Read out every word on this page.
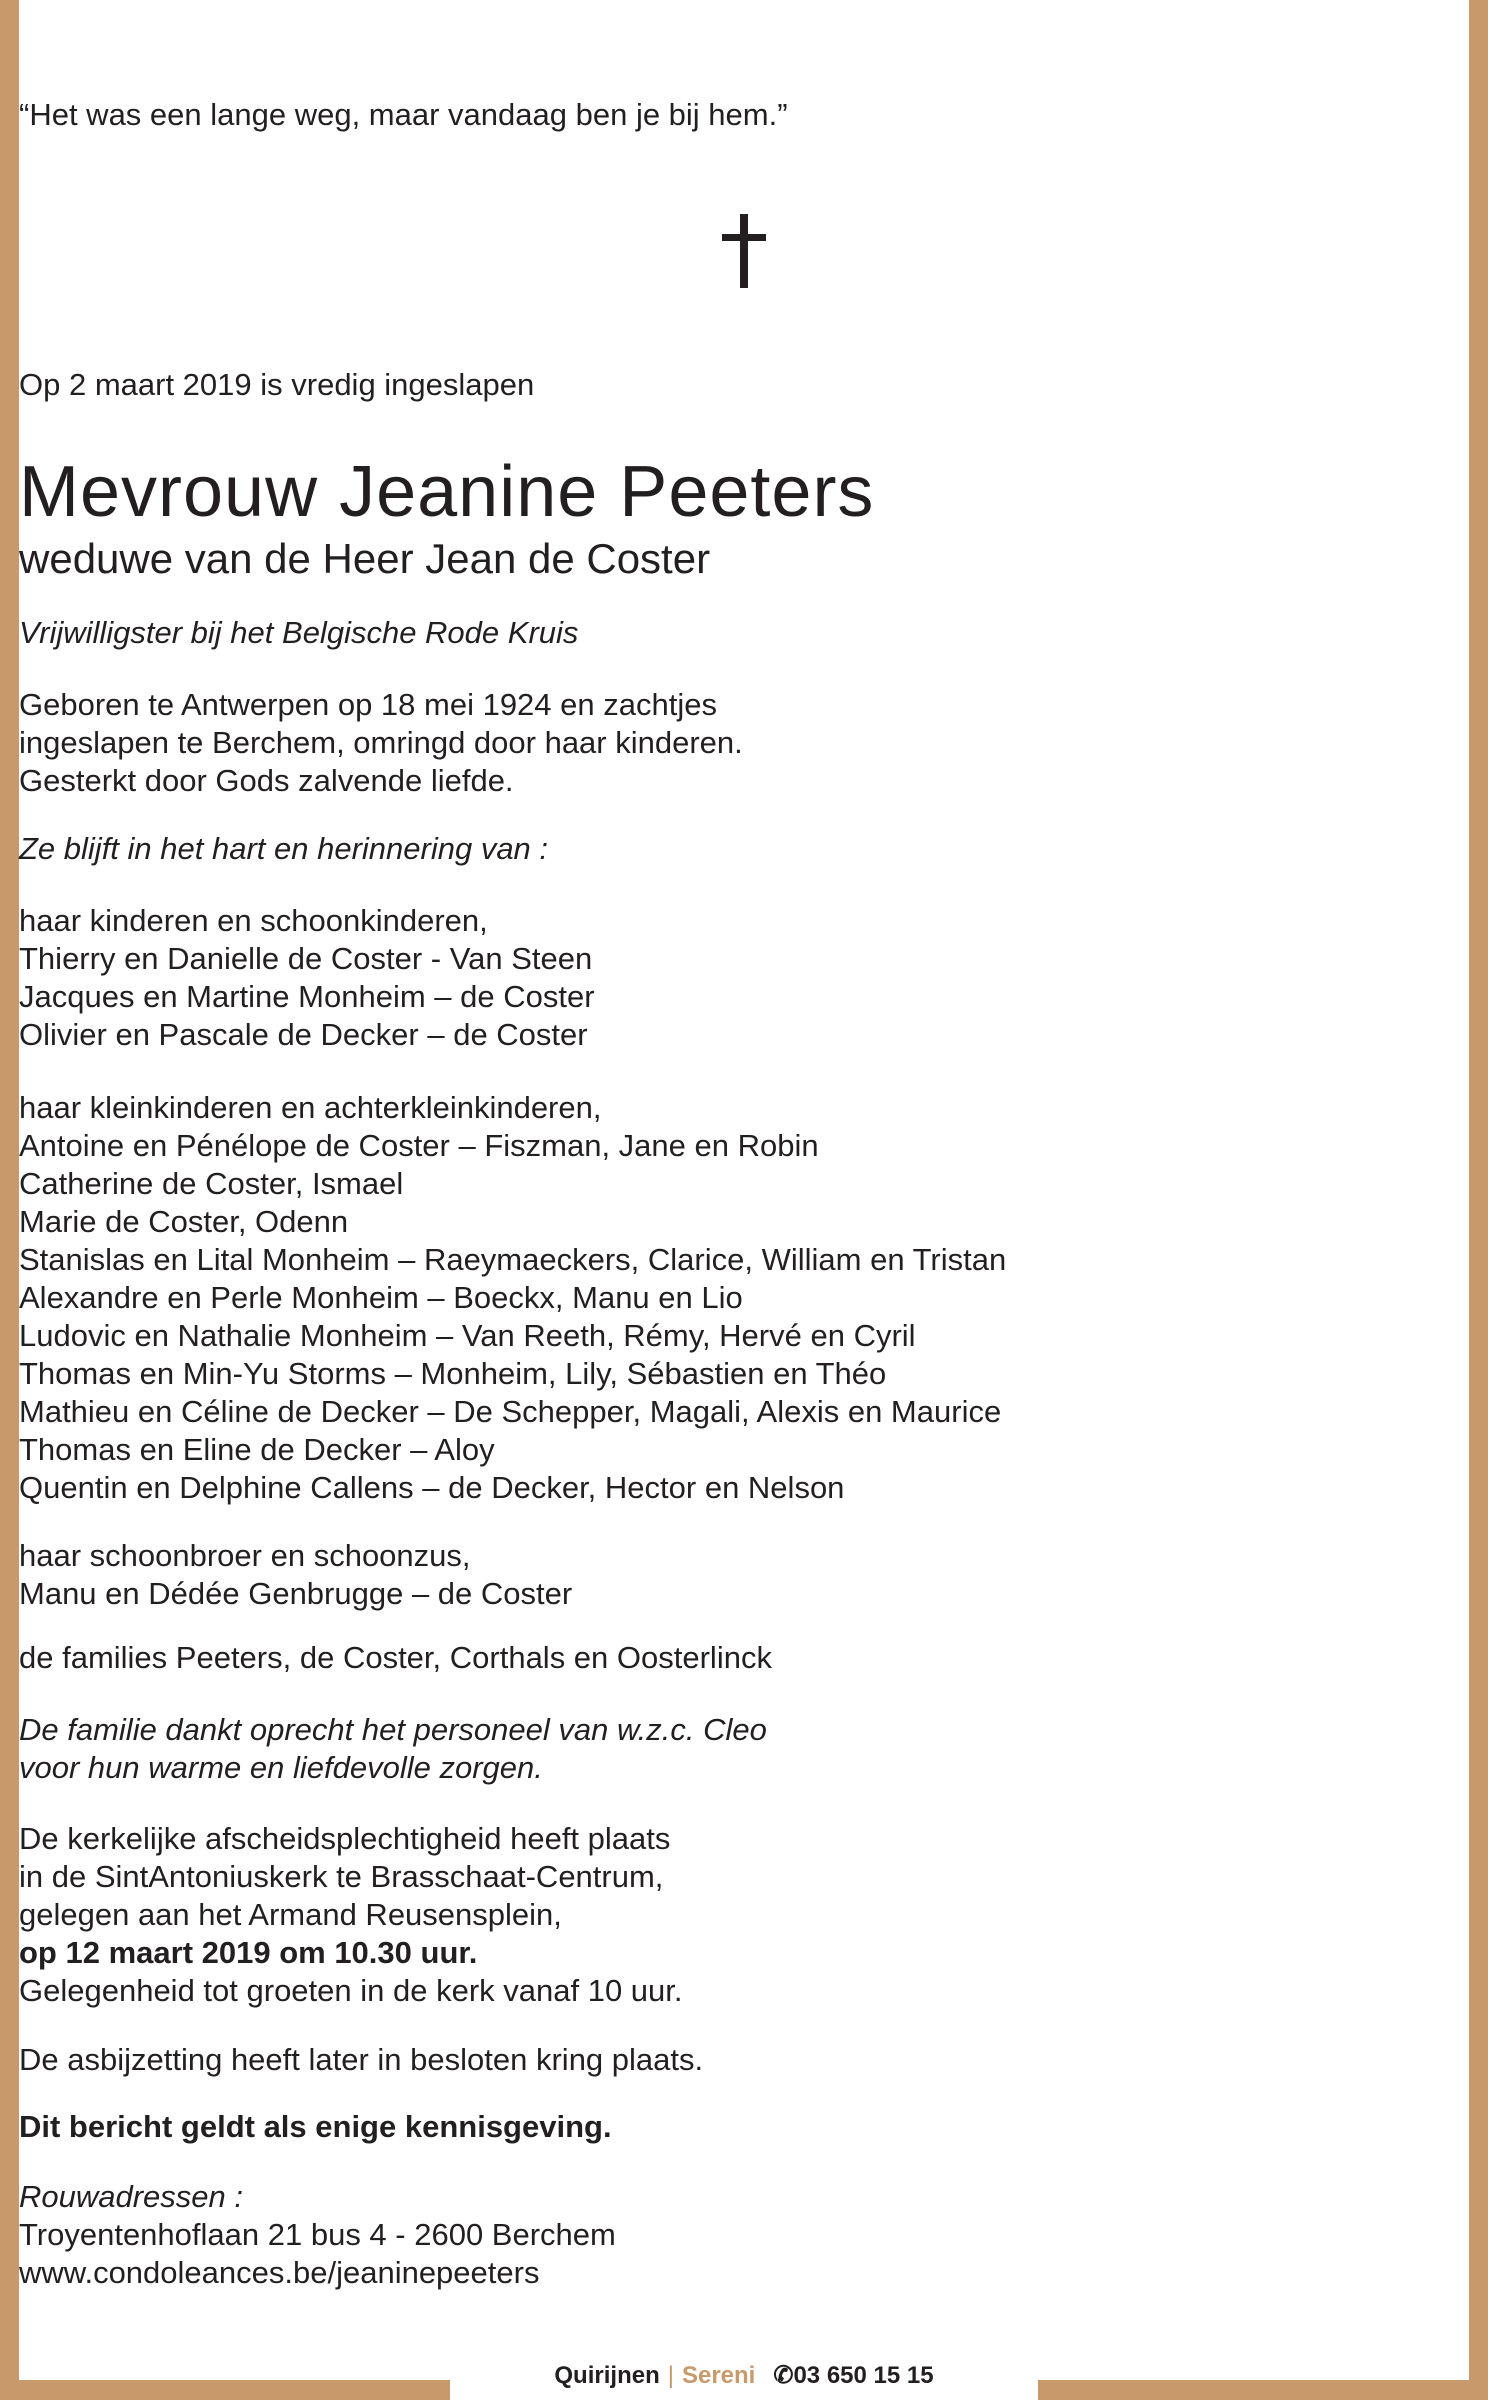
“Het was een lange weg, maar vandaag ben je bij hem.”
Op 2 maart 2019 is vredig ingeslapen
Mevrouw Jeanine Peeters
weduwe van de Heer Jean de Coster
Vrijwilligster bij het Belgische Rode Kruis
Geboren te Antwerpen op 18 mei 1924 en zachtjes
ingeslapen te Berchem, omringd door haar kinderen.
Gesterkt door Gods zalvende liefde.
Ze blijft in het hart en herinnering van :
haar kinderen en schoonkinderen,
Thierry en Danielle de Coster - Van Steen
Jacques en Martine Monheim – de Coster
Olivier en Pascale de Decker – de Coster
haar kleinkinderen en achterkleinkinderen,
Antoine en Pénélope de Coster – Fiszman, Jane en Robin
Catherine de Coster, Ismael
Marie de Coster, Odenn
Stanislas en Lital Monheim – Raeymaeckers, Clarice, William en Tristan
Alexandre en Perle Monheim – Boeckx, Manu en Lio
Ludovic en Nathalie Monheim – Van Reeth, Rémy, Hervé en Cyril
Thomas en Min-Yu Storms – Monheim, Lily, Sébastien en Théo
Mathieu en Céline de Decker – De Schepper, Magali, Alexis en Maurice
Thomas en Eline de Decker – Aloy
Quentin en Delphine Callens – de Decker, Hector en Nelson
haar schoonbroer en schoonzus,
Manu en Dédée Genbrugge – de Coster
de families Peeters, de Coster, Corthals en Oosterlinck
De familie dankt oprecht het personeel van w.z.c. Cleo
voor hun warme en liefdevolle zorgen.
De kerkelijke afscheidsplechtigheid heeft plaats
in de SintAntoniuskerk te Brasschaat-Centrum,
gelegen aan het Armand Reusensplein,
op 12 maart 2019 om 10.30 uur.
Gelegenheid tot groeten in de kerk vanaf 10 uur.
De asbijzetting heeft later in besloten kring plaats.
Dit bericht geldt als enige kennisgeving.
Rouwadressen :
Troyentenhoflaan 21 bus 4 - 2600 Berchem
www.condoleances.be/jeaninepeeters
Quirijnen | Sereni ✆03 650 15 15
